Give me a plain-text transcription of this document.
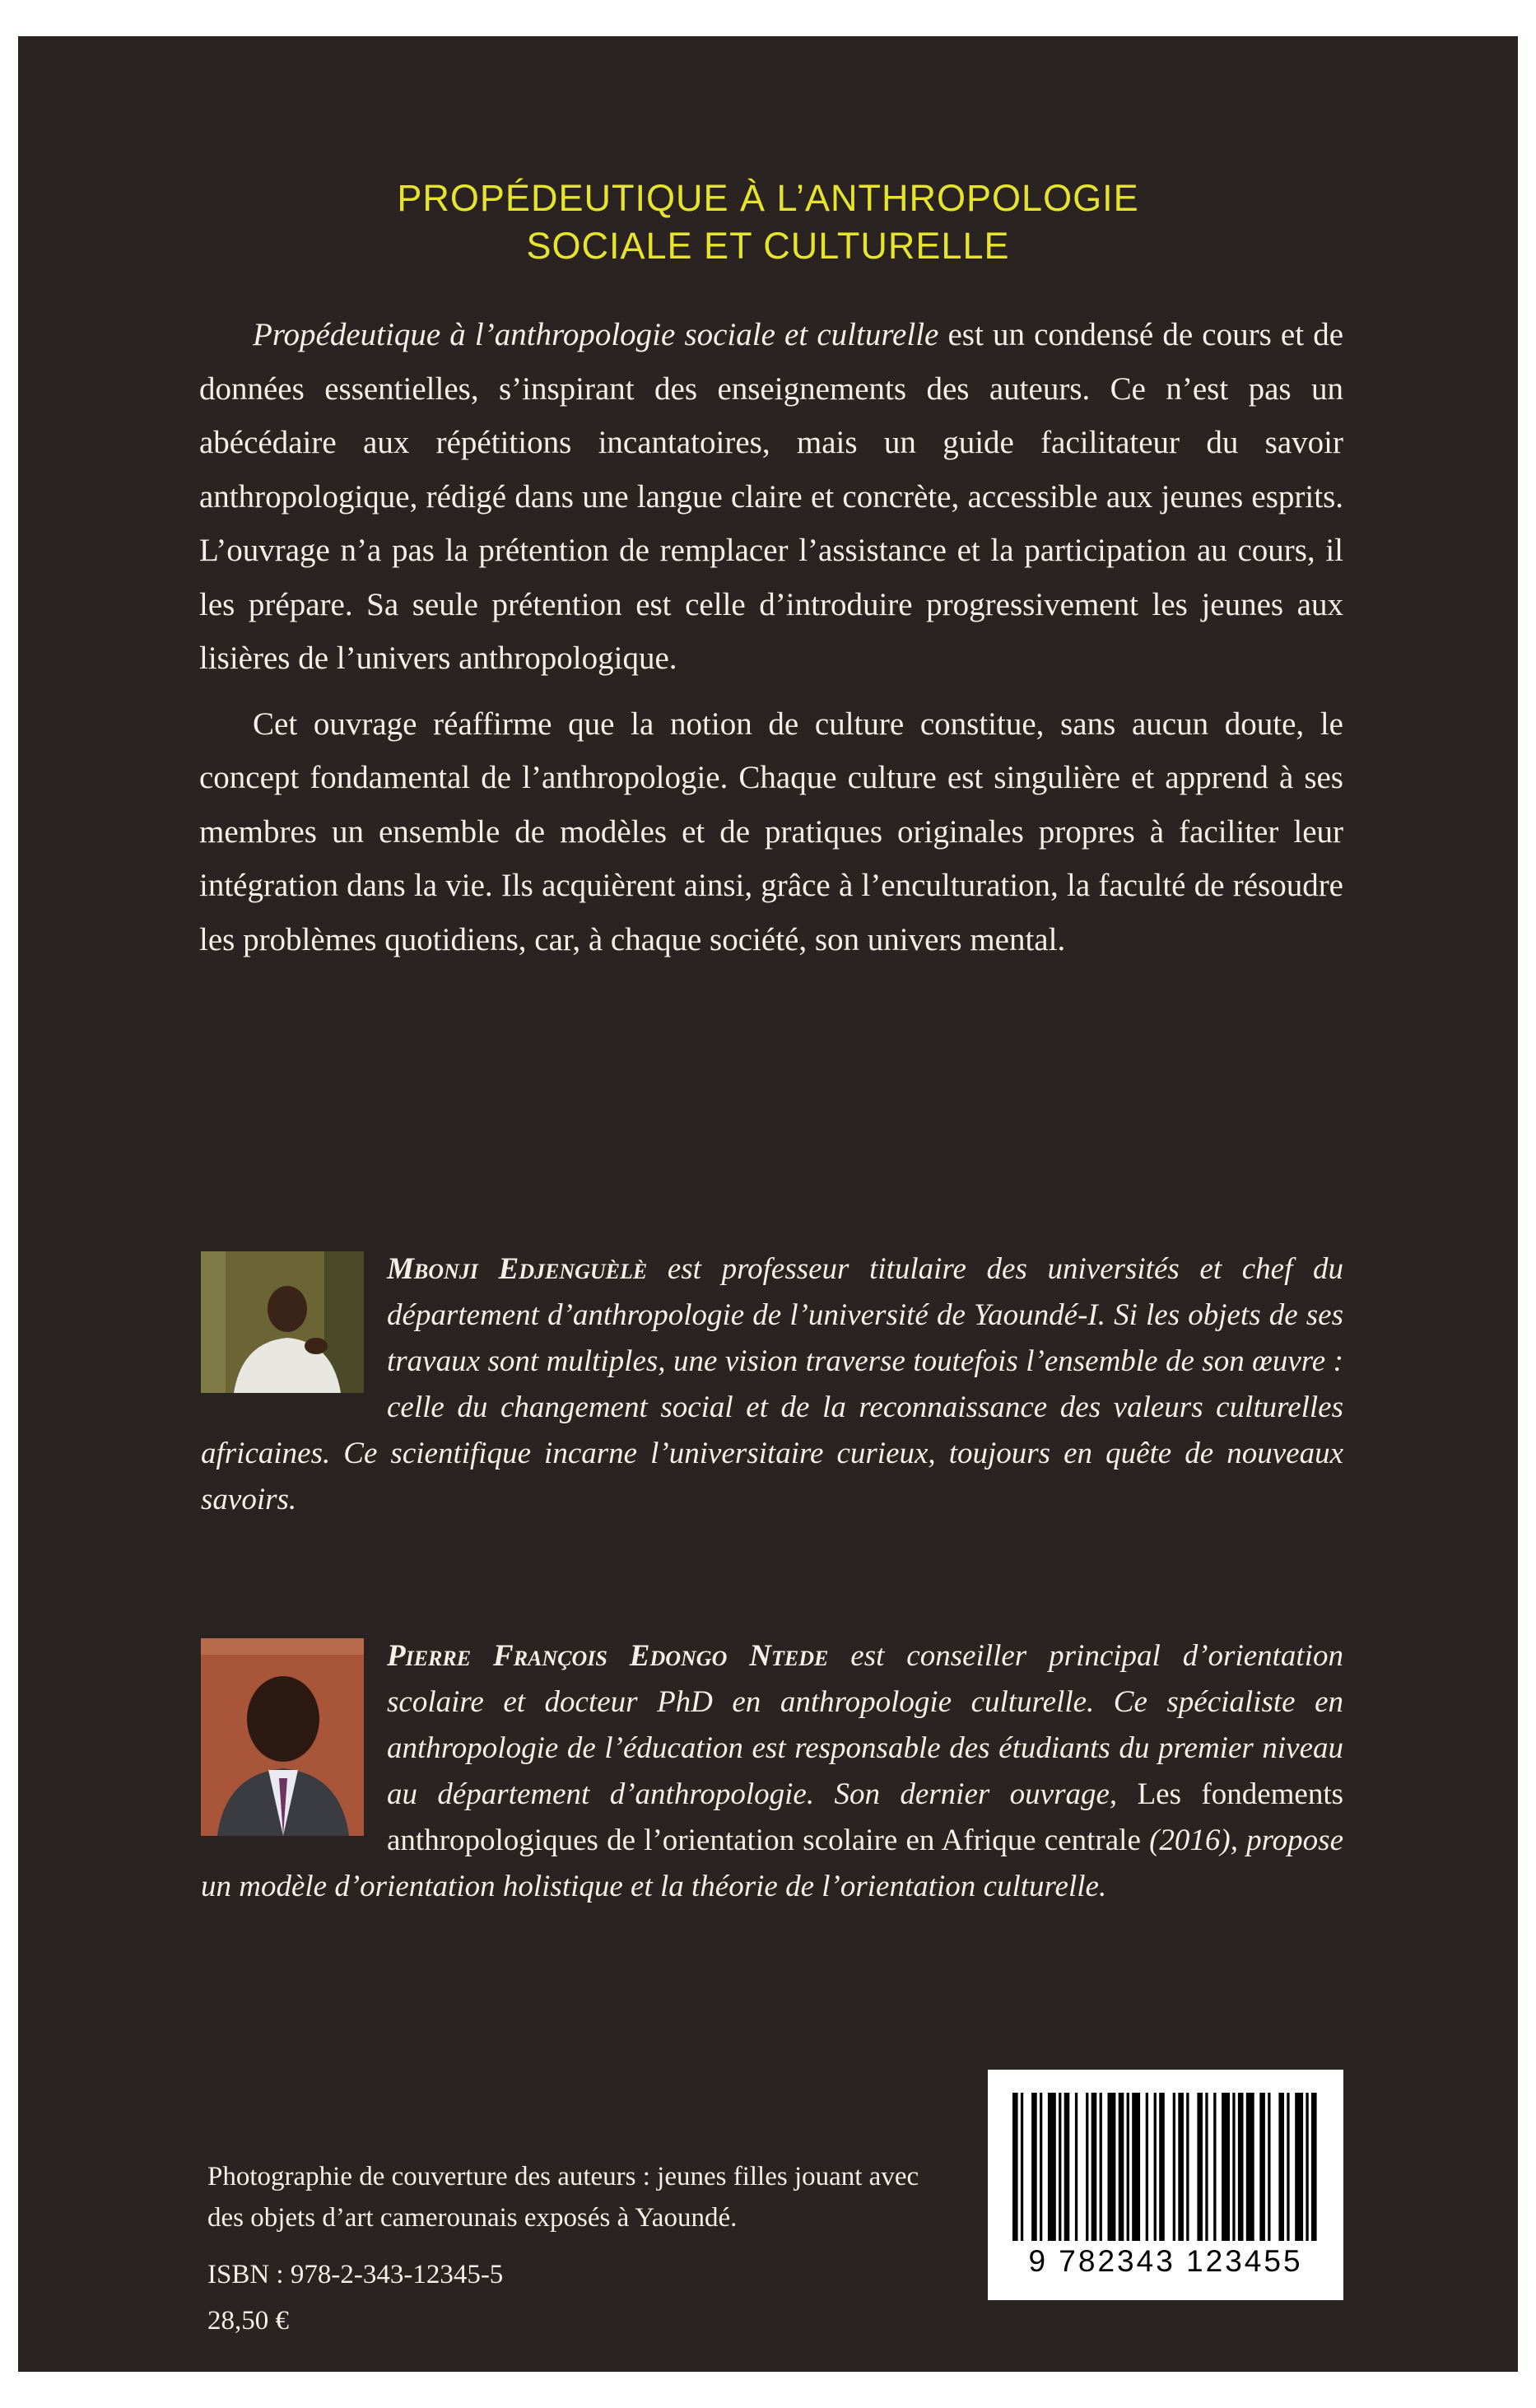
PROPÉDEUTIQUE À L’ANTHROPOLOGIE
SOCIALE ET CULTURELLE

Propédeutique à l’anthropologie sociale et culturelle est un condensé de cours et de données essentielles, s’inspirant des enseignements des auteurs. Ce n’est pas un abécédaire aux répétitions incantatoires, mais un guide facilitateur du savoir anthropologique, rédigé dans une langue claire et concrète, accessible aux jeunes esprits. L’ouvrage n’a pas la prétention de remplacer l’assistance et la participation au cours, il les prépare. Sa seule prétention est celle d’introduire progressivement les jeunes aux lisières de l’univers anthropologique.

Cet ouvrage réaffirme que la notion de culture constitue, sans aucun doute, le concept fondamental de l’anthropologie. Chaque culture est singulière et apprend à ses membres un ensemble de modèles et de pratiques originales propres à faciliter leur intégration dans la vie. Ils acquièrent ainsi, grâce à l’enculturation, la faculté de résoudre les problèmes quotidiens, car, à chaque société, son univers mental.

Mbonji Edjenguèlè est professeur titulaire des universités et chef du département d’anthropologie de l’université de Yaoundé-I. Si les objets de ses travaux sont multiples, une vision traverse toutefois l’ensemble de son œuvre : celle du changement social et de la reconnaissance des valeurs culturelles africaines. Ce scientifique incarne l’universitaire curieux, toujours en quête de nouveaux savoirs.
Pierre François Edongo Ntede est conseiller principal d’orientation scolaire et docteur PhD en anthropologie culturelle. Ce spécialiste en anthropologie de l’éducation est responsable des étudiants du premier niveau au département d’anthropologie. Son dernier ouvrage, Les fondements anthropologiques de l’orientation scolaire en Afrique centrale (2016), propose un modèle d’orientation holistique et la théorie de l’orientation culturelle.
Photographie de couverture des auteurs : jeunes filles jouant avec des objets d’art camerounais exposés à Yaoundé.
ISBN : 978-2-343-12345-5
28,50 €
9 782343 123455
